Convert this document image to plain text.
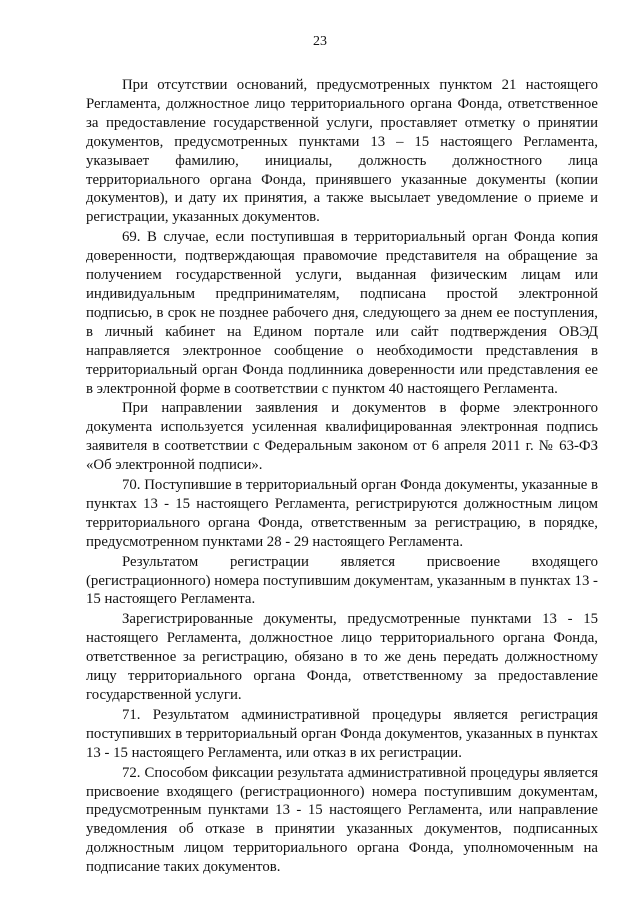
23

При отсутствии оснований, предусмотренных пунктом 21 настоящего Регламента, должностное лицо территориального органа Фонда, ответственное за предоставление государственной услуги, проставляет отметку о принятии документов, предусмотренных пунктами 13 – 15 настоящего Регламента, указывает фамилию, инициалы, должность должностного лица территориального органа Фонда, принявшего указанные документы (копии документов), и дату их принятия, а также высылает уведомление о приеме и регистрации, указанных документов.

69. В случае, если поступившая в территориальный орган Фонда копия доверенности, подтверждающая правомочие представителя на обращение за получением государственной услуги, выданная физическим лицам или индивидуальным предпринимателям, подписана простой электронной подписью, в срок не позднее рабочего дня, следующего за днем ее поступления, в личный кабинет на Едином портале или сайт подтверждения ОВЭД направляется электронное сообщение о необходимости представления в территориальный орган Фонда подлинника доверенности или представления ее в электронной форме в соответствии с пунктом 40 настоящего Регламента.

При направлении заявления и документов в форме электронного документа используется усиленная квалифицированная электронная подпись заявителя в соответствии с Федеральным законом от 6 апреля 2011 г. № 63-ФЗ «Об электронной подписи».

70. Поступившие в территориальный орган Фонда документы, указанные в пунктах 13 - 15 настоящего Регламента, регистрируются должностным лицом территориального органа Фонда, ответственным за регистрацию, в порядке, предусмотренном пунктами 28 - 29 настоящего Регламента.

Результатом регистрации является присвоение входящего (регистрационного) номера поступившим документам, указанным в пунктах 13 - 15 настоящего Регламента.

Зарегистрированные документы, предусмотренные пунктами 13 - 15 настоящего Регламента, должностное лицо территориального органа Фонда, ответственное за регистрацию, обязано в то же день передать должностному лицу территориального органа Фонда, ответственному за предоставление государственной услуги.

71. Результатом административной процедуры является регистрация поступивших в территориальный орган Фонда документов, указанных в пунктах 13 - 15 настоящего Регламента, или отказ в их регистрации.

72. Способом фиксации результата административной процедуры является присвоение входящего (регистрационного) номера поступившим документам, предусмотренным пунктами 13 - 15 настоящего Регламента, или направление уведомления об отказе в принятии указанных документов, подписанных должностным лицом территориального органа Фонда, уполномоченным на подписание таких документов.
